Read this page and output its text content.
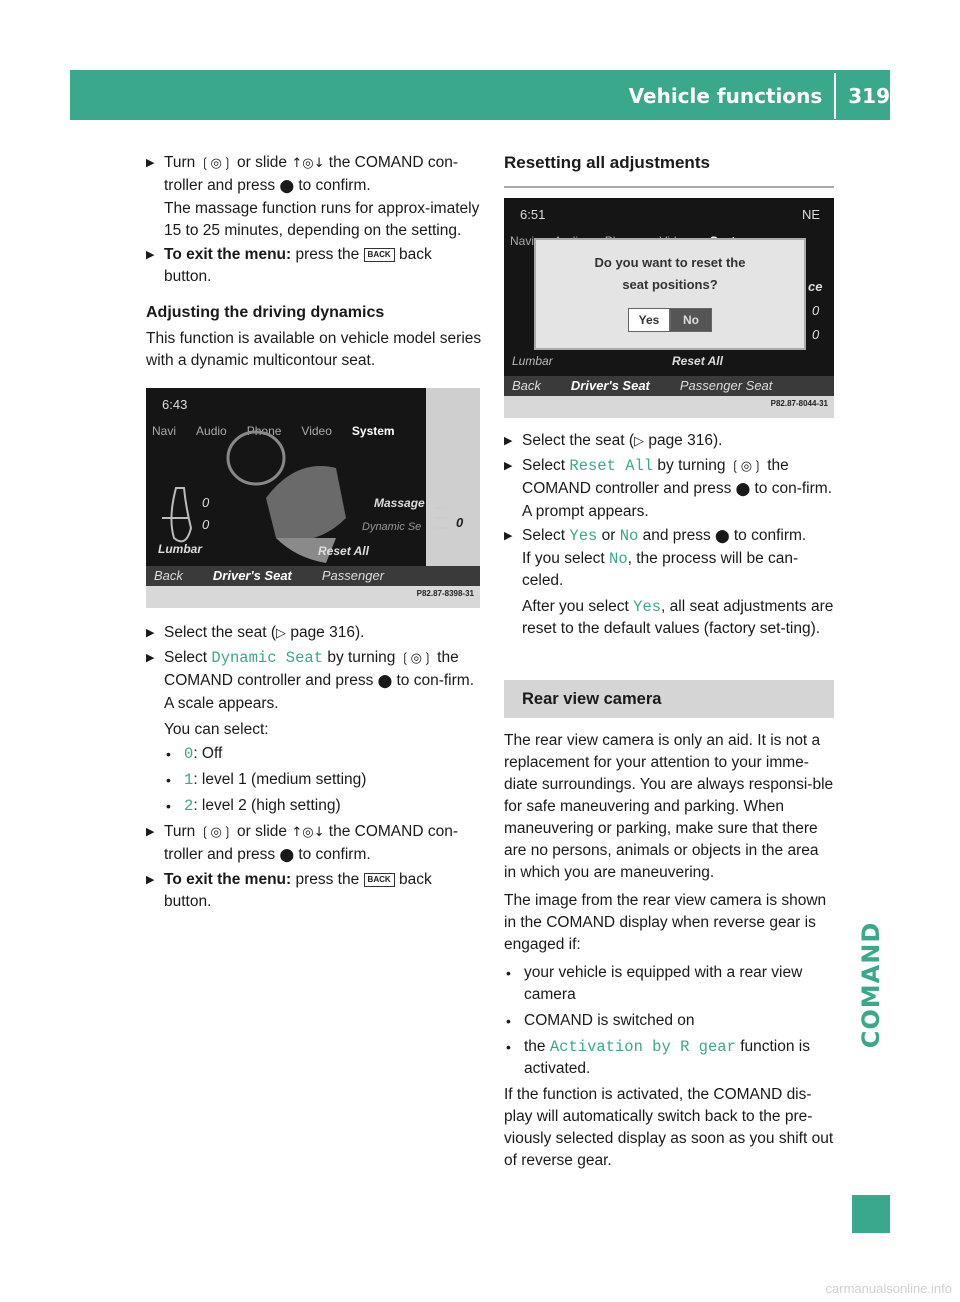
Vehicle functions 319
COMAND
▶ Turn ❲◎❳ or slide ↑◎↓ the COMAND con-troller and press ⬤ to confirm.
The massage function runs for approx-imately 15 to 25 minutes, depending on the setting.
▶ To exit the menu: press the BACK back button.
Adjusting the driving dynamics
This function is available on vehicle model series with a dynamic multicontour seat.
6:43
Navi Audio Phone Video System
Lumbar	Reset All
Massage
Dynamic Se
0
0	0
Back Driver's Seat Passenger
P82.87-8398-31
▶ Select the seat (▷ page 316).
▶ Select Dynamic Seat by turning ❲◎❳ the COMAND controller and press ⬤ to con-firm.
A scale appears.
You can select:
• 0: Off
• 1: level 1 (medium setting)
• 2: level 2 (high setting)
▶ Turn ❲◎❳ or slide ↑◎↓ the COMAND con-troller and press ⬤ to confirm.
▶ To exit the menu: press the BACK back button.
Resetting all adjustments
6:51	NE
Navi
Lumbar	Reset All
ce
0
0
Do you want to reset the
seat positions?
Yes	No
Back Driver's Seat Passenger Seat
P82.87-8044-31
▶ Select the seat (▷ page 316).
▶ Select Reset All by turning ❲◎❳ the COMAND controller and press ⬤ to con-firm.
A prompt appears.
▶ Select Yes or No and press ⬤ to confirm.
If you select No, the process will be can-celed.
After you select Yes, all seat adjustments are reset to the default values (factory set-ting).
Rear view camera
The rear view camera is only an aid. It is not a replacement for your attention to your imme-diate surroundings. You are always responsi-ble for safe maneuvering and parking. When maneuvering or parking, make sure that there are no persons, animals or objects in the area in which you are maneuvering.
The image from the rear view camera is shown in the COMAND display when reverse gear is engaged if:
• your vehicle is equipped with a rear view camera
• COMAND is switched on
• the Activation by R gear function is activated.
If the function is activated, the COMAND dis-play will automatically switch back to the pre-viously selected display as soon as you shift out of reverse gear.
carmanualsonline.info
